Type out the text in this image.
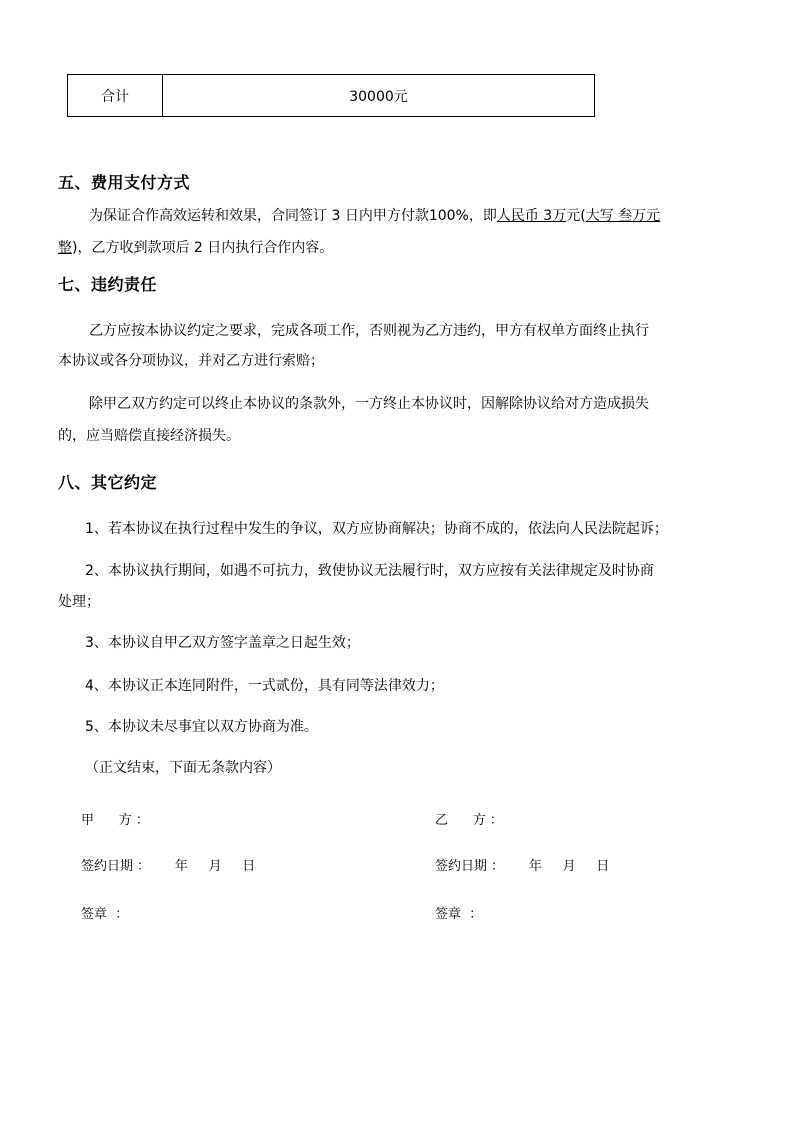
合计	30000元
五、费用支付方式
为保证合作高效运转和效果，合同签订 3 日内甲方付款100%，即人民币 3万元(大写 叁万元
整)，乙方收到款项后 2 日内执行合作内容。
七、违约责任
乙方应按本协议约定之要求，完成各项工作，否则视为乙方违约，甲方有权单方面终止执行
本协议或各分项协议，并对乙方进行索赔；
除甲乙双方约定可以终止本协议的条款外，一方终止本协议时，因解除协议给对方造成损失
的，应当赔偿直接经济损失。
八、其它约定
1、若本协议在执行过程中发生的争议，双方应协商解决；协商不成的，依法向人民法院起诉；
2、本协议执行期间，如遇不可抗力，致使协议无法履行时，双方应按有关法律规定及时协商
处理；
3、本协议自甲乙双方签字盖章之日起生效；
4、本协议正本连同附件，一式贰份，具有同等法律效力；
5、本协议未尽事宜以双方协商为准。
（正文结束，下面无条款内容）
甲      方 ：	乙      方 ：
签约日期 ：      年     月     日	签约日期 ：      年     月     日
签章  ：	签章  ：
